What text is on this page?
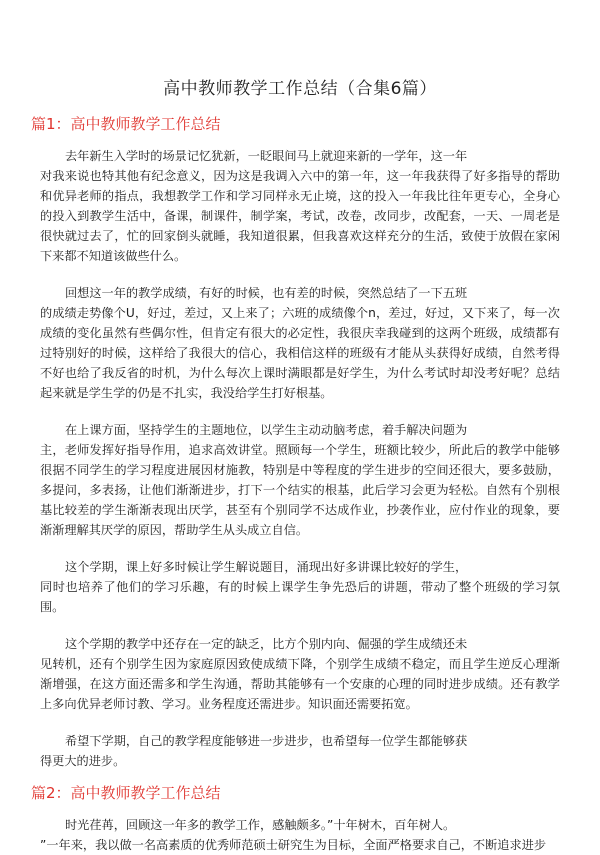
高中教师教学工作总结（合集6篇）
篇1：高中教师教学工作总结

去年新生入学时的场景记忆犹新，一眨眼间马上就迎来新的一学年，这一年
对我来说也特其他有纪念意义，因为这是我调入六中的第一年，这一年我获得了好多指导的帮助和优异老师的指点，我想教学工作和学习同样永无止境，这的投入一年我比往年更专心，全身心的投入到教学生活中，备课，制课件，制学案，考试，改卷，改同步，改配套，一天、一周老是很快就过去了，忙的回家倒头就睡，我知道很累，但我喜欢这样充分的生活，致使于放假在家闲下来都不知道该做些什么。

回想这一年的教学成绩，有好的时候，也有差的时候，突然总结了一下五班
的成绩走势像个U，好过，差过，又上来了；六班的成绩像个n，差过，好过，又下来了，每一次成绩的变化虽然有些偶尔性，但肯定有很大的必定性，我很庆幸我碰到的这两个班级，成绩都有过特别好的时候，这样给了我很大的信心，我相信这样的班级有才能从头获得好成绩，自然考得不好也给了我反省的时机，为什么每次上课时满眼都是好学生，为什么考试时却没考好呢？总结起来就是学生学的仍是不扎实，我没给学生打好根基。

在上课方面，坚持学生的主题地位，以学生主动动脑考虑，着手解决问题为
主，老师发挥好指导作用，追求高效讲堂。照顾每一个学生，班额比较少，所此后的教学中能够很据不同学生的学习程度进展因材施教，特别是中等程度的学生进步的空间还很大，要多鼓励，多提问，多表扬，让他们渐渐进步，打下一个结实的根基，此后学习会更为轻松。自然有个别根基比较差的学生渐渐表现出厌学，甚至有个别同学不达成作业，抄袭作业，应付作业的现象，要渐渐理解其厌学的原因，帮助学生从头成立自信。

这个学期，课上好多时候让学生解说题目，涌现出好多讲课比较好的学生，
同时也培养了他们的学习乐趣，有的时候上课学生争先恐后的讲题，带动了整个班级的学习氛围。

这个学期的教学中还存在一定的缺乏，比方个别内向、倔强的学生成绩还未
见转机，还有个别学生因为家庭原因致使成绩下降，个别学生成绩不稳定，而且学生逆反心理渐渐增强，在这方面还需多和学生沟通，帮助其能够有一个安康的心理的同时进步成绩。还有教学上多向优异老师讨教、学习。业务程度还需进步。知识面还需要拓宽。

希望下学期，自己的教学程度能够进一步进步，也希望每一位学生都能够获
得更大的进步。

篇2：高中教师教学工作总结

时光荏苒，回顾这一年多的教学工作，感触颇多。”十年树木，百年树人。
”一年来，我以做一名高素质的优秀师范硕士研究生为目标，全面严格要求自己，不断追求进步
